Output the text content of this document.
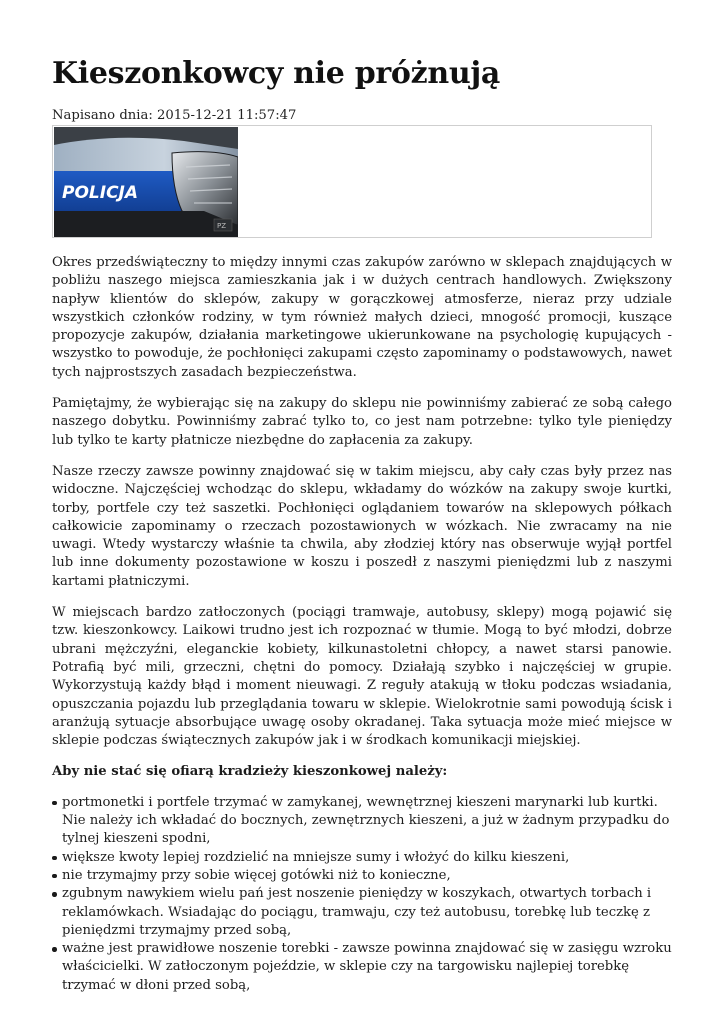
Kieszonkowcy nie próżnują
Napisano dnia: 2015-12-21 11:57:47
POLICJA
PZ

Okres przedświąteczny to między innymi czas zakupów zarówno w sklepach znajdujących w pobliżu naszego miejsca zamieszkania jak i w dużych centrach handlowych. Zwiększony napływ klientów do sklepów, zakupy w gorączkowej atmosferze, nieraz przy udziale wszystkich członków rodziny, w tym również małych dzieci, mnogość promocji, kuszące propozycje zakupów, działania marketingowe ukierunkowane na psychologię kupujących - wszystko to powoduje, że pochłonięci zakupami często zapominamy o podstawowych, nawet tych najprostszych zasadach bezpieczeństwa.

Pamiętajmy, że wybierając się na zakupy do sklepu nie powinniśmy zabierać ze sobą całego naszego dobytku. Powinniśmy zabrać tylko to, co jest nam potrzebne: tylko tyle pieniędzy lub tylko te karty płatnicze niezbędne do zapłacenia za zakupy.

Nasze rzeczy zawsze powinny znajdować się w takim miejscu, aby cały czas były przez nas widoczne. Najczęściej wchodząc do sklepu, wkładamy do wózków na zakupy swoje kurtki, torby, portfele czy też saszetki. Pochłonięci oglądaniem towarów na sklepowych półkach całkowicie zapominamy o rzeczach pozostawionych w wózkach. Nie zwracamy na nie uwagi. Wtedy wystarczy właśnie ta chwila, aby złodziej który nas obserwuje wyjął portfel lub inne dokumenty pozostawione w koszu i poszedł z naszymi pieniędzmi lub z naszymi kartami płatniczymi.

W miejscach bardzo zatłoczonych (pociągi tramwaje, autobusy, sklepy) mogą pojawić się tzw. kieszonkowcy. Laikowi trudno jest ich rozpoznać w tłumie. Mogą to być młodzi, dobrze ubrani mężczyźni, eleganckie kobiety, kilkunastoletni chłopcy, a nawet starsi panowie. Potrafią być mili, grzeczni, chętni do pomocy. Działają szybko i najczęściej w grupie. Wykorzystują każdy błąd i moment nieuwagi. Z reguły atakują w tłoku podczas wsiadania, opuszczania pojazdu lub przeglądania towaru w sklepie. Wielokrotnie sami powodują ścisk i aranżują sytuacje absorbujące uwagę osoby okradanej. Taka sytuacja może mieć miejsce w sklepie podczas świątecznych zakupów jak i w środkach komunikacji miejskiej.

Aby nie stać się ofiarą kradzieży kieszonkowej należy:

portmonetki i portfele trzymać w zamykanej, wewnętrznej kieszeni marynarki lub kurtki. Nie należy ich wkładać do bocznych, zewnętrznych kieszeni, a już w żadnym przypadku do tylnej kieszeni spodni,
większe kwoty lepiej rozdzielić na mniejsze sumy i włożyć do kilku kieszeni,
nie trzymajmy przy sobie więcej gotówki niż to konieczne,
zgubnym nawykiem wielu pań jest noszenie pieniędzy w koszykach, otwartych torbach i reklamówkach. Wsiadając do pociągu, tramwaju, czy też autobusu, torebkę lub teczkę z pieniędzmi trzymajmy przed sobą,
ważne jest prawidłowe noszenie torebki - zawsze powinna znajdować się w zasięgu wzroku właścicielki. W zatłoczonym pojeździe, w sklepie czy na targowisku najlepiej torebkę trzymać w dłoni przed sobą,
